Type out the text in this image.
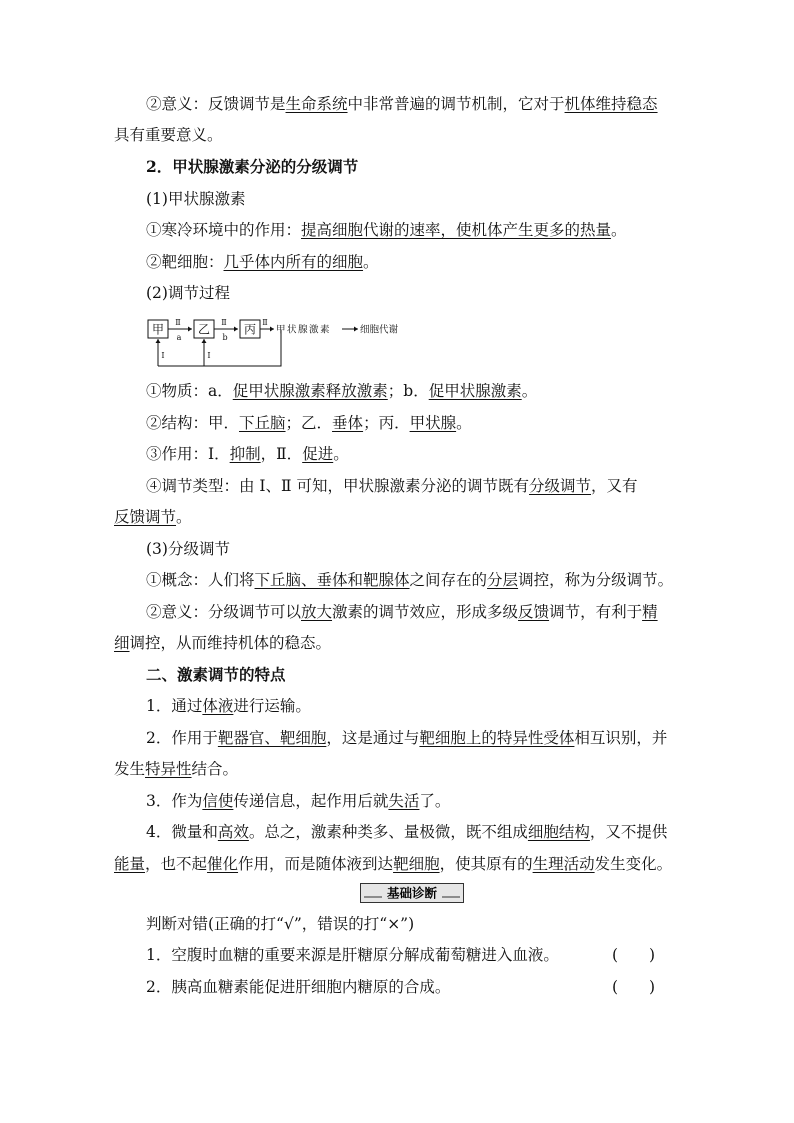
②意义：反馈调节是生命系统中非常普遍的调节机制，它对于机体维持稳态
具有重要意义。
2．甲状腺激素分泌的分级调节
(1)甲状腺激素
①寒冷环境中的作用：提高细胞代谢的速率，使机体产生更多的热量。
②靶细胞：几乎体内所有的细胞。
(2)调节过程
甲	乙	丙
Ⅱ
a
Ⅱ
b
Ⅱ
甲状腺激素	细胞代谢
Ⅰ	Ⅰ
①物质：a．促甲状腺激素释放激素；b．促甲状腺激素。
②结构：甲．下丘脑；乙．垂体；丙．甲状腺。
③作用：Ⅰ．抑制，Ⅱ．促进。
④调节类型：由 Ⅰ、Ⅱ 可知，甲状腺激素分泌的调节既有分级调节，又有
反馈调节。
(3)分级调节
①概念：人们将下丘脑、垂体和靶腺体之间存在的分层调控，称为分级调节。
②意义：分级调节可以放大激素的调节效应，形成多级反馈调节，有利于精
细调控，从而维持机体的稳态。
二、激素调节的特点
1．通过体液进行运输。
2．作用于靶器官、靶细胞，这是通过与靶细胞上的特异性受体相互识别，并
发生特异性结合。
3．作为信使传递信息，起作用后就失活了。
4．微量和高效。总之，激素种类多、量极微，既不组成细胞结构，又不提供
能量，也不起催化作用，而是随体液到达靶细胞，使其原有的生理活动发生变化。
基础诊断
判断对错(正确的打“√”，错误的打“×”)
1．空腹时血糖的重要来源是肝糖原分解成葡萄糖进入血液。	(　　)
2．胰高血糖素能促进肝细胞内糖原的合成。	(　　)
